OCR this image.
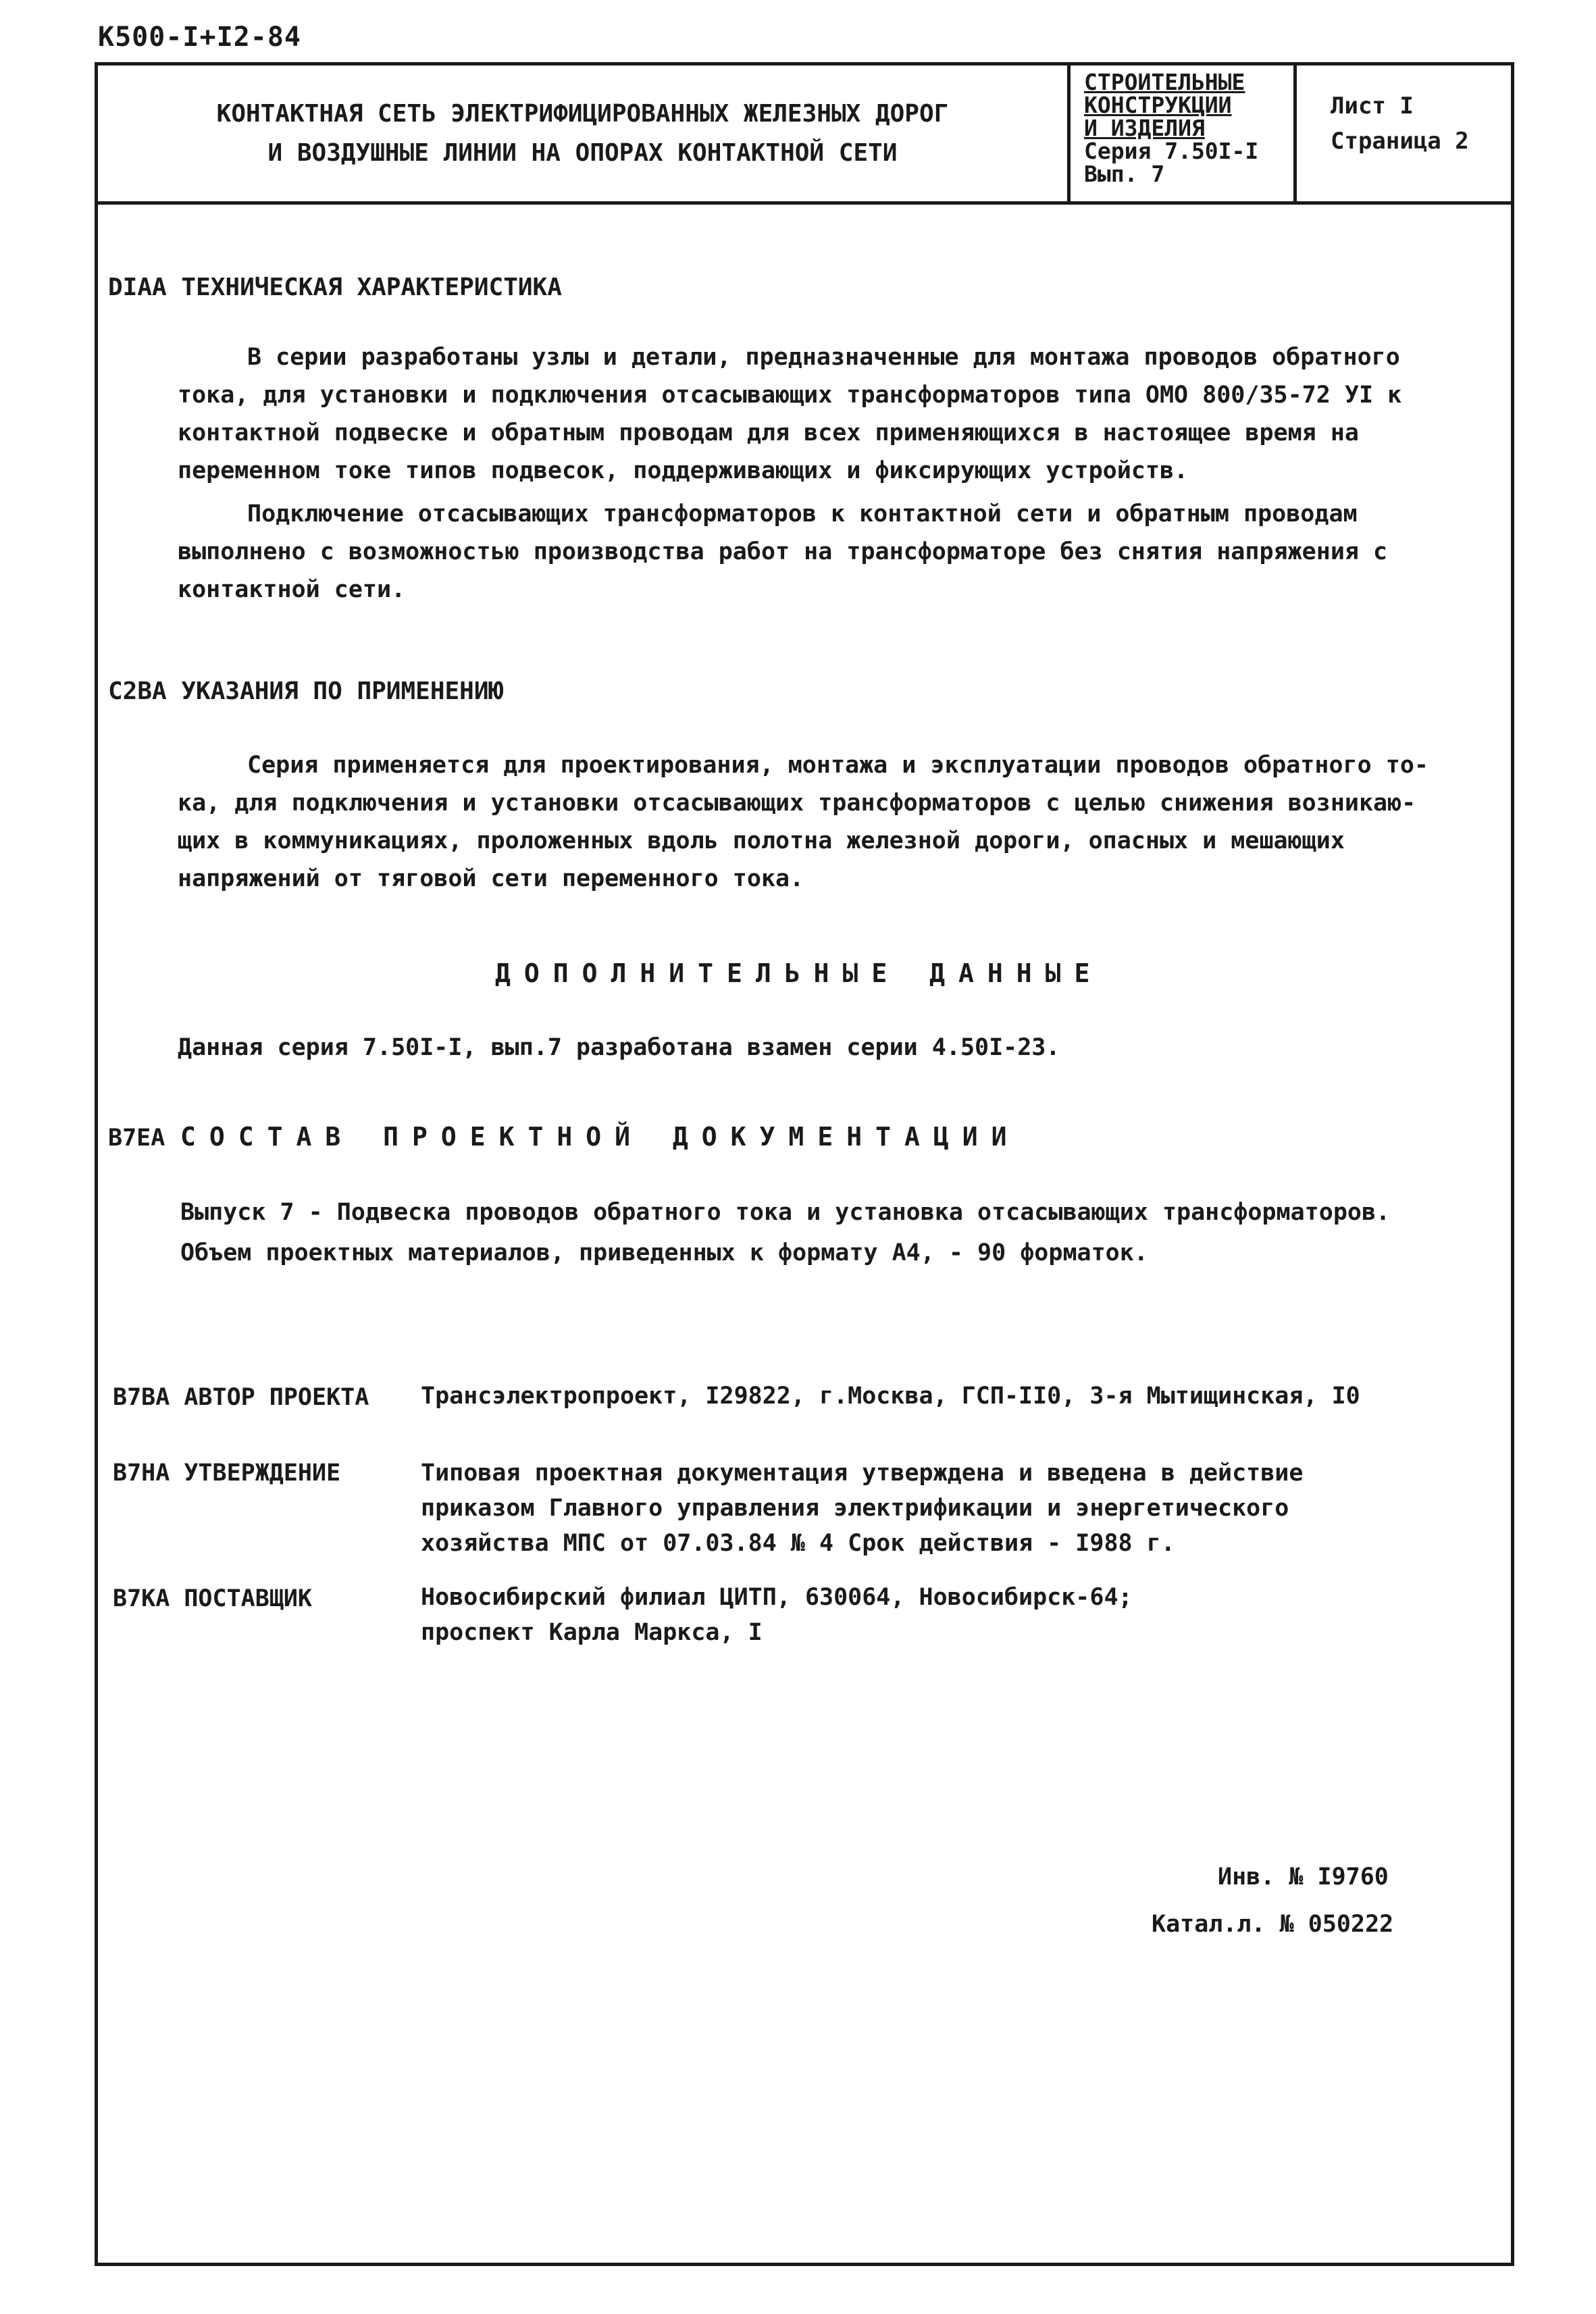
К500-I+I2-84
КОНТАКТНАЯ СЕТЬ ЭЛЕКТРИФИЦИРОВАННЫХ ЖЕЛЕЗНЫХ ДОРОГ
И ВОЗДУШНЫЕ ЛИНИИ НА ОПОРАХ КОНТАКТНОЙ СЕТИ
СТРОИТЕЛЬНЫЕ
КОНСТРУКЦИИ
И ИЗДЕЛИЯ
Серия 7.50I-I
Вып. 7
Лист I
Страница 2
DIAA ТЕХНИЧЕСКАЯ ХАРАКТЕРИСТИКА
В серии разработаны узлы и детали, предназначенные для монтажа проводов обратного
тока, для установки и подключения отсасывающих трансформаторов типа ОМО 800/35-72 УI к
контактной подвеске и обратным проводам для всех применяющихся в настоящее время на
переменном токе типов подвесок, поддерживающих и фиксирующих устройств.
Подключение отсасывающих трансформаторов к контактной сети и обратным проводам
выполнено с возможностью производства работ на трансформаторе без снятия напряжения с
контактной сети.
C2BA УКАЗАНИЯ ПО ПРИМЕНЕНИЮ
Серия применяется для проектирования, монтажа и эксплуатации проводов обратного то-
ка, для подключения и установки отсасывающих трансформаторов с целью снижения возникаю-
щих в коммуникациях, проложенных вдоль полотна железной дороги, опасных и мешающих
напряжений от тяговой сети переменного тока.
ДОПОЛНИТЕЛЬНЫЕ ДАННЫЕ
Данная серия 7.50I-I, вып.7 разработана взамен серии 4.50I-23.
B7EA СОСТАВ ПРОЕКТНОЙ ДОКУМЕНТАЦИИ
Выпуск 7 - Подвеска проводов обратного тока и установка отсасывающих трансформаторов.
Объем проектных материалов, приведенных к формату А4, - 90 форматок.
B7BA АВТОР ПРОЕКТА Трансэлектропроект, I29822, г.Москва, ГСП-II0, 3-я Мытищинская, I0
B7HA УТВЕРЖДЕНИЕ	Типовая проектная документация утверждена и введена в действие
приказом Главного управления электрификации и энергетического
хозяйства МПС от 07.03.84 № 4 Срок действия - I988 г.
B7KA ПОСТАВЩИК	Новосибирский филиал ЦИТП, 630064, Новосибирск-64;
проспект Карла Маркса, I
Инв. № I9760
Катал.л. № 050222
